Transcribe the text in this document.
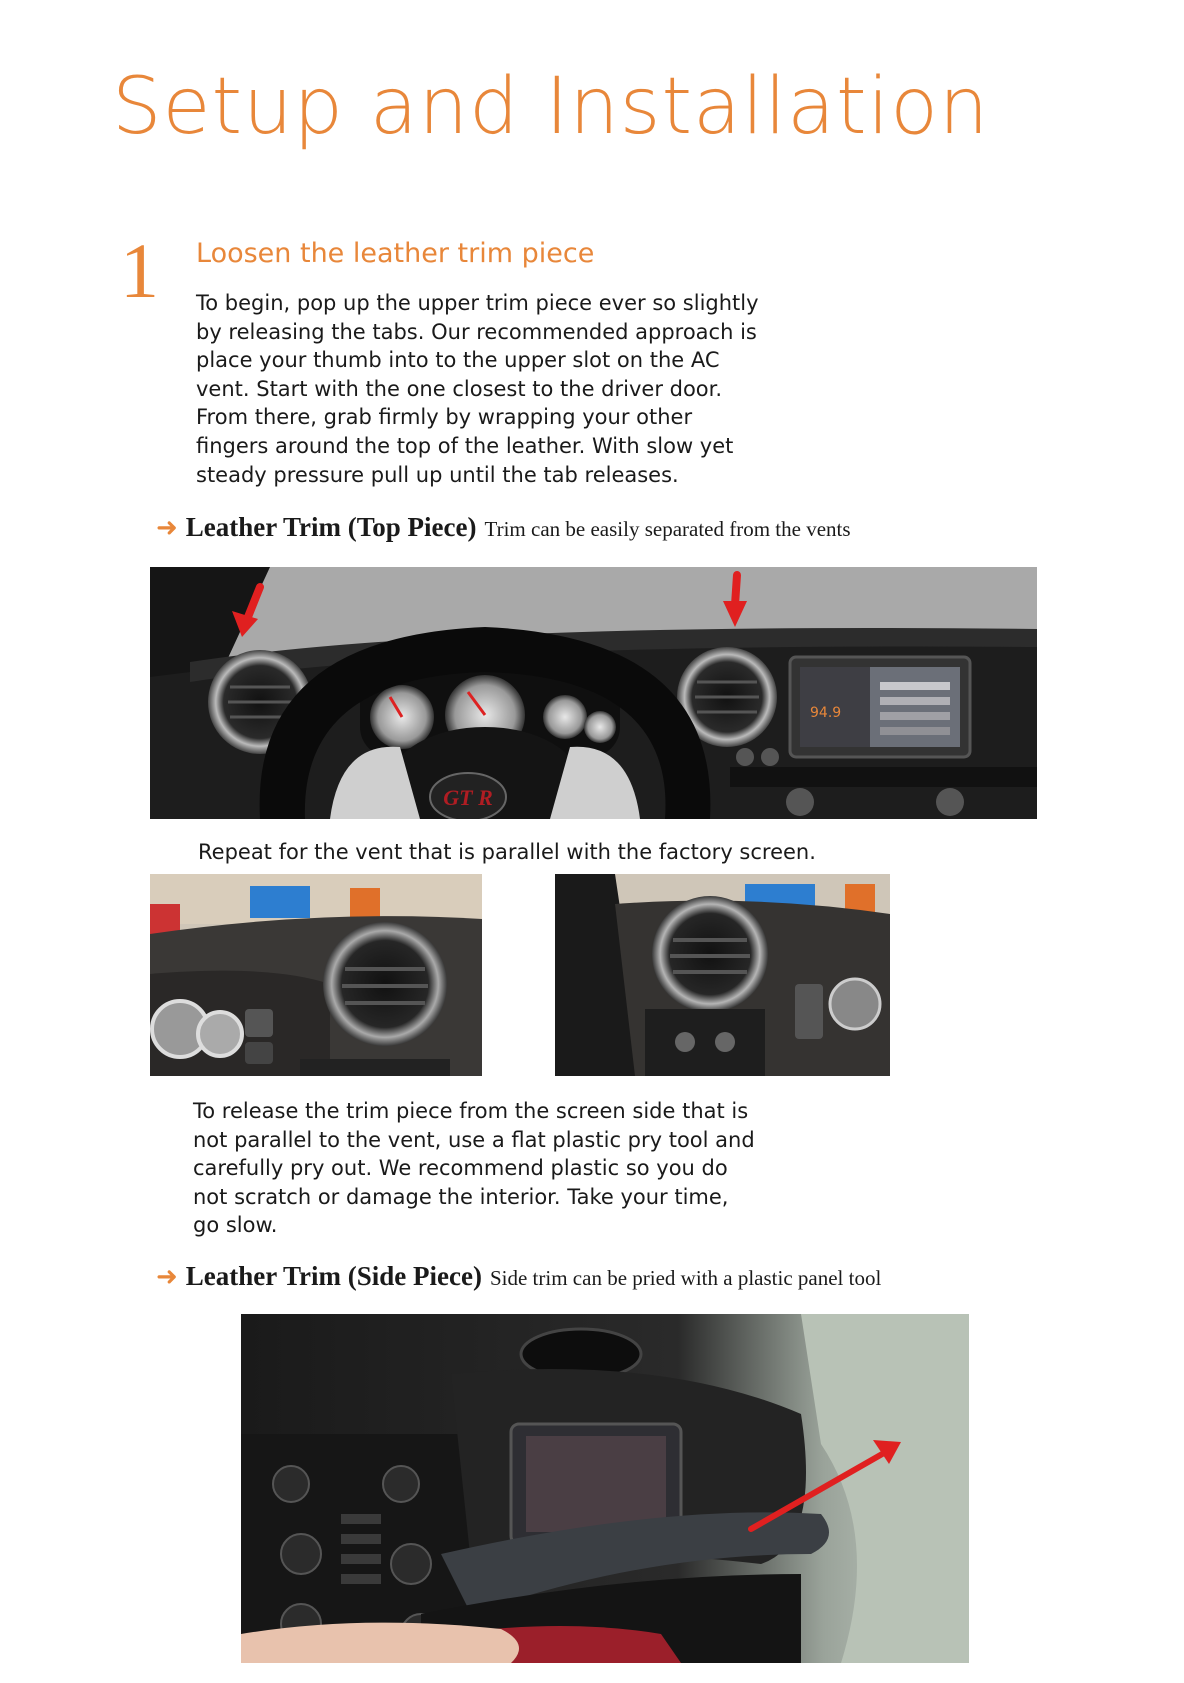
Setup and Installation
1 Loosen the leather trim piece
To begin, pop up the upper trim piece ever so slightly
by releasing the tabs. Our recommended approach is
place your thumb into to the upper slot on the AC
vent. Start with the one closest to the driver door.
From there, grab firmly by wrapping your other
fingers around the top of the leather. With slow yet
steady pressure pull up until the tab releases.
➜ Leather Trim (Top Piece) Trim can be easily separated from the vents
GT R
94.9
Repeat for the vent that is parallel with the factory screen.
To release the trim piece from the screen side that is
not parallel to the vent, use a flat plastic pry tool and
carefully pry out. We recommend plastic so you do
not scratch or damage the interior. Take your time,
go slow.
➜ Leather Trim (Side Piece) Side trim can be pried with a plastic panel tool
